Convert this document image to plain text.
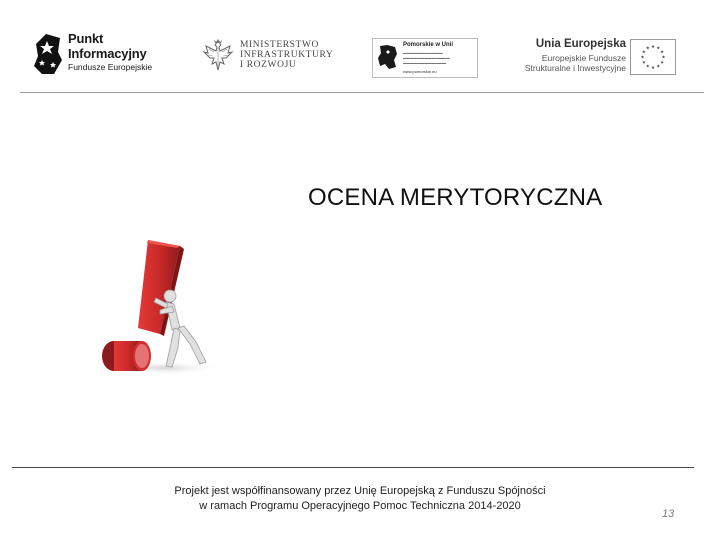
Punkt
Informacyjny
Fundusze Europejskie
MINISTERSTWO
INFRASTRUKTURY
I ROZWOJU
Pomorskie w Unii
▬▬▬▬▬▬▬▬▬▬▬
▬▬▬▬▬▬▬▬▬▬▬▬▬
▬▬▬▬▬▬▬▬▬▬▬▬
www.pomorskie.eu
Unia Europejska
Europejskie Fundusze
Strukturalne i Inwestycyjne
OCENA MERYTORYCZNA
Projekt jest współfinansowany przez Unię Europejską z Funduszu Spójności
w ramach Programu Operacyjnego Pomoc Techniczna 2014-2020
13
